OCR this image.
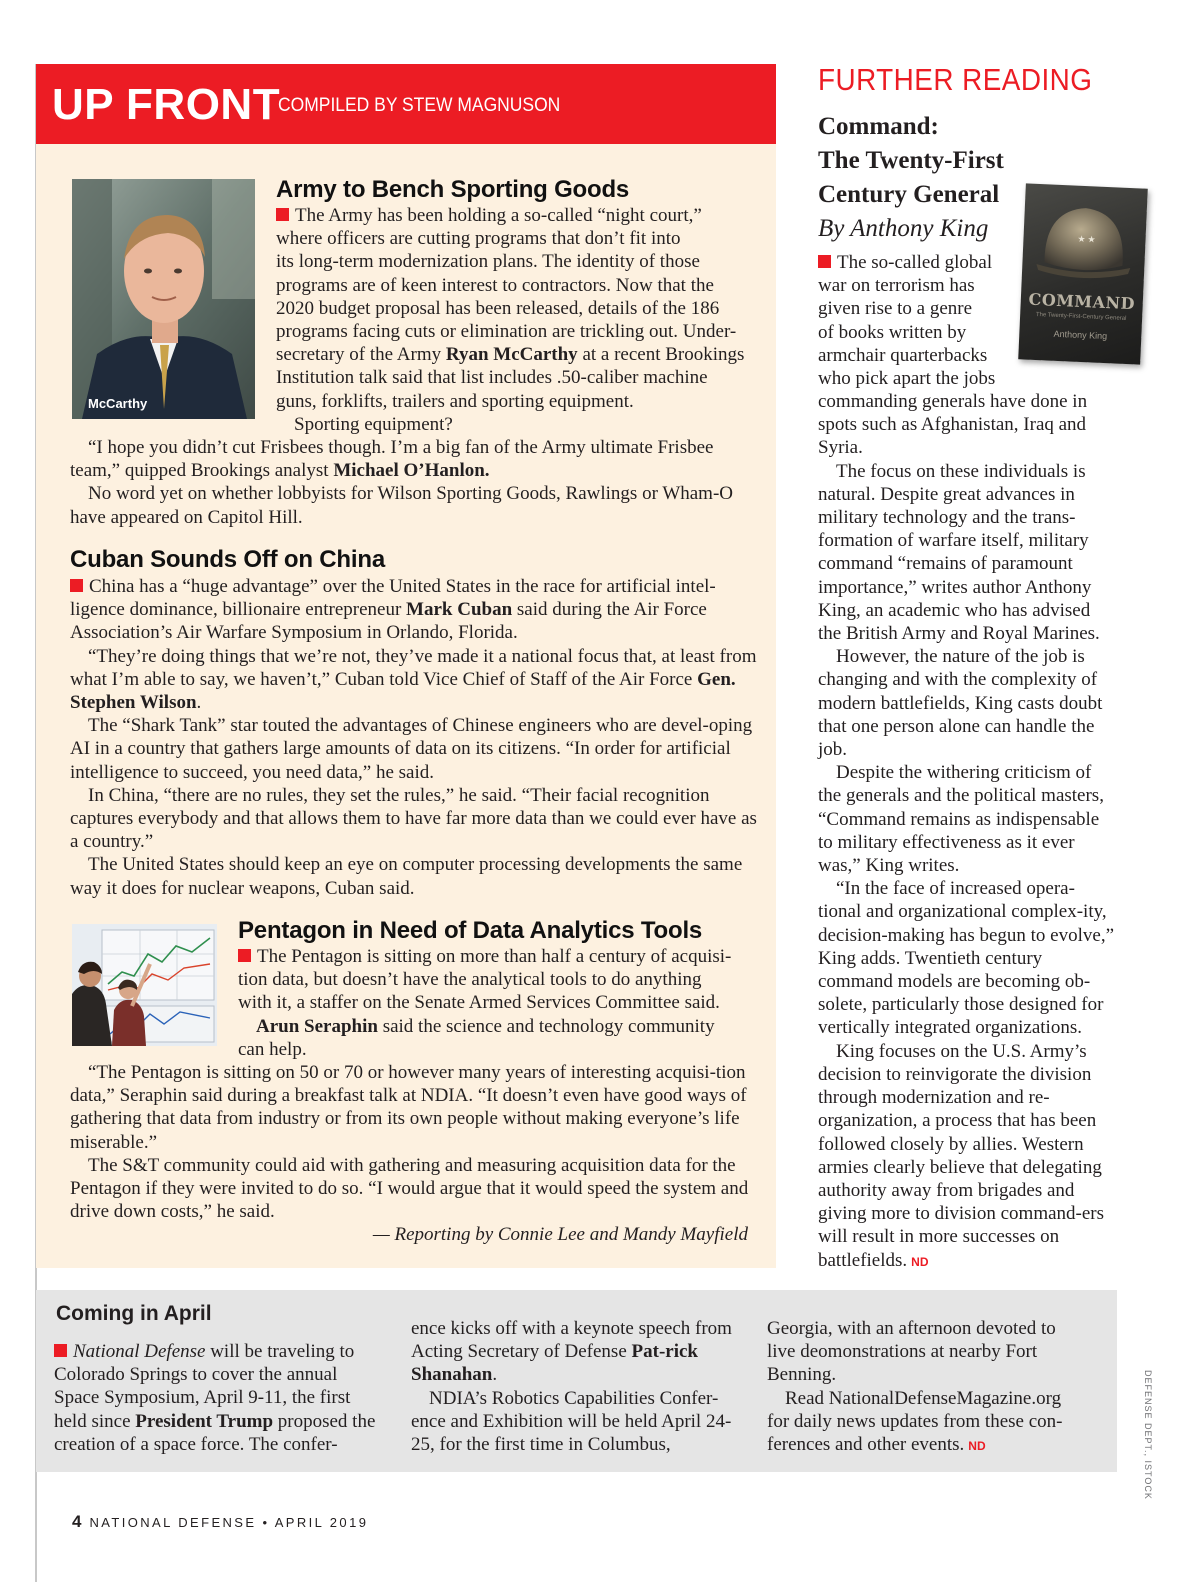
UP FRONT
COMPILED BY STEW MAGNUSON
McCarthy
Army to Bench Sporting Goods
The Army has been holding a so-called “night court,”
where officers are cutting programs that don’t fit into
its long-term modernization plans. The identity of those
programs are of keen interest to contractors. Now that the
2020 budget proposal has been released, details of the 186
programs facing cuts or elimination are trickling out. Under-
secretary of the Army Ryan McCarthy at a recent Brookings
Institution talk said that list includes .50-caliber machine
guns, forklifts, trailers and sporting equipment.
Sporting equipment?

“I hope you didn’t cut Frisbees though. I’m a big fan of the Army ultimate Frisbee team,” quipped Brookings analyst Michael O’Hanlon.

No word yet on whether lobbyists for Wilson Sporting Goods, Rawlings or Wham-O have appeared on Capitol Hill.

Cuban Sounds Off on China

China has a “huge advantage” over the United States in the race for artificial intel-ligence dominance, billionaire entrepreneur Mark Cuban said during the Air Force Association’s Air Warfare Symposium in Orlando, Florida.

“They’re doing things that we’re not, they’ve made it a national focus that, at least from what I’m able to say, we haven’t,” Cuban told Vice Chief of Staff of the Air Force Gen. Stephen Wilson.

The “Shark Tank” star touted the advantages of Chinese engineers who are devel-oping AI in a country that gathers large amounts of data on its citizens. “In order for artificial intelligence to succeed, you need data,” he said.

In China, “there are no rules, they set the rules,” he said. “Their facial recognition captures everybody and that allows them to have far more data than we could ever have as a country.”

The United States should keep an eye on computer processing developments the same way it does for nuclear weapons, Cuban said.

Pentagon in Need of Data Analytics Tools
The Pentagon is sitting on more than half a century of acquisi-
tion data, but doesn’t have the analytical tools to do anything
with it, a staffer on the Senate Armed Services Committee said.
Arun Seraphin said the science and technology community
can help.

“The Pentagon is sitting on 50 or 70 or however many years of interesting acquisi-tion data,” Seraphin said during a breakfast talk at NDIA. “It doesn’t even have good ways of gathering that data from industry or from its own people without making everyone’s life miserable.”

The S&T community could aid with gathering and measuring acquisition data for the Pentagon if they were invited to do so. “I would argue that it would speed the system and drive down costs,” he said.

— Reporting by Connie Lee and Mandy Mayfield

FURTHER READING
Command:
The Twenty-First
Century General
By Anthony King	★ ★
COMMAND
The Twenty-First-Century General
Anthony King
The so-called global
war on terrorism has
given rise to a genre
of books written by
armchair quarterbacks
who pick apart the jobs

commanding generals have done in spots such as Afghanistan, Iraq and Syria.

The focus on these individuals is natural. Despite great advances in military technology and the trans-formation of warfare itself, military command “remains of paramount importance,” writes author Anthony King, an academic who has advised the British Army and Royal Marines.

However, the nature of the job is changing and with the complexity of modern battlefields, King casts doubt that one person alone can handle the job.

Despite the withering criticism of the generals and the political masters, “Command remains as indispensable to military effectiveness as it ever was,” King writes.

“In the face of increased opera-tional and organizational complex-ity, decision-making has begun to evolve,” King adds. Twentieth century command models are becoming ob-solete, particularly those designed for vertically integrated organizations.

King focuses on the U.S. Army’s decision to reinvigorate the division through modernization and re-organization, a process that has been followed closely by allies. Western armies clearly believe that delegating authority away from brigades and giving more to division command-ers will result in more successes on battlefields. ND

Coming in April

National Defense will be traveling to Colorado Springs to cover the annual Space Symposium, April 9-11, the first held since President Trump proposed the creation of a space force. The confer-

ence kicks off with a keynote speech from Acting Secretary of Defense Pat-rick Shanahan.

NDIA’s Robotics Capabilities Confer-ence and Exhibition will be held April 24-25, for the first time in Columbus,

Georgia, with an afternoon devoted to live deomonstrations at nearby Fort Benning.

Read NationalDefenseMagazine.org for daily news updates from these con-ferences and other events. ND	DEFENSE DEPT., ISTOCK
4 NATIONAL DEFENSE • APRIL 2019
